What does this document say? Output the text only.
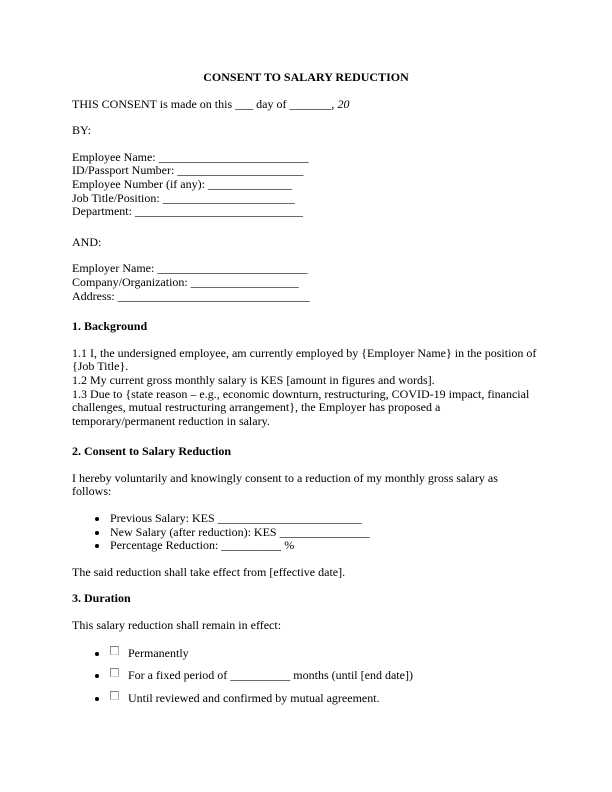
CONSENT TO SALARY REDUCTION
THIS CONSENT is made on this ___ day of _______, 20
BY:
Employee Name: _________________________
ID/Passport Number: _____________________
Employee Number (if any): ______________
Job Title/Position: ______________________
Department: ____________________________
AND:
Employer Name: _________________________
Company/Organization: __________________
Address: ________________________________
1. Background
1.1 I, the undersigned employee, am currently employed by {Employer Name} in the position of {Job Title}.
1.2 My current gross monthly salary is KES [amount in figures and words].
1.3 Due to {state reason – e.g., economic downturn, restructuring, COVID-19 impact, financial challenges, mutual restructuring arrangement}, the Employer has proposed a temporary/permanent reduction in salary.
2. Consent to Salary Reduction
I hereby voluntarily and knowingly consent to a reduction of my monthly gross salary as follows:
• Previous Salary: KES ________________________
• New Salary (after reduction): KES _______________
• Percentage Reduction: __________ %
The said reduction shall take effect from [effective date].
3. Duration
This salary reduction shall remain in effect:
• Permanently
• For a fixed period of __________ months (until [end date])
• Until reviewed and confirmed by mutual agreement.
